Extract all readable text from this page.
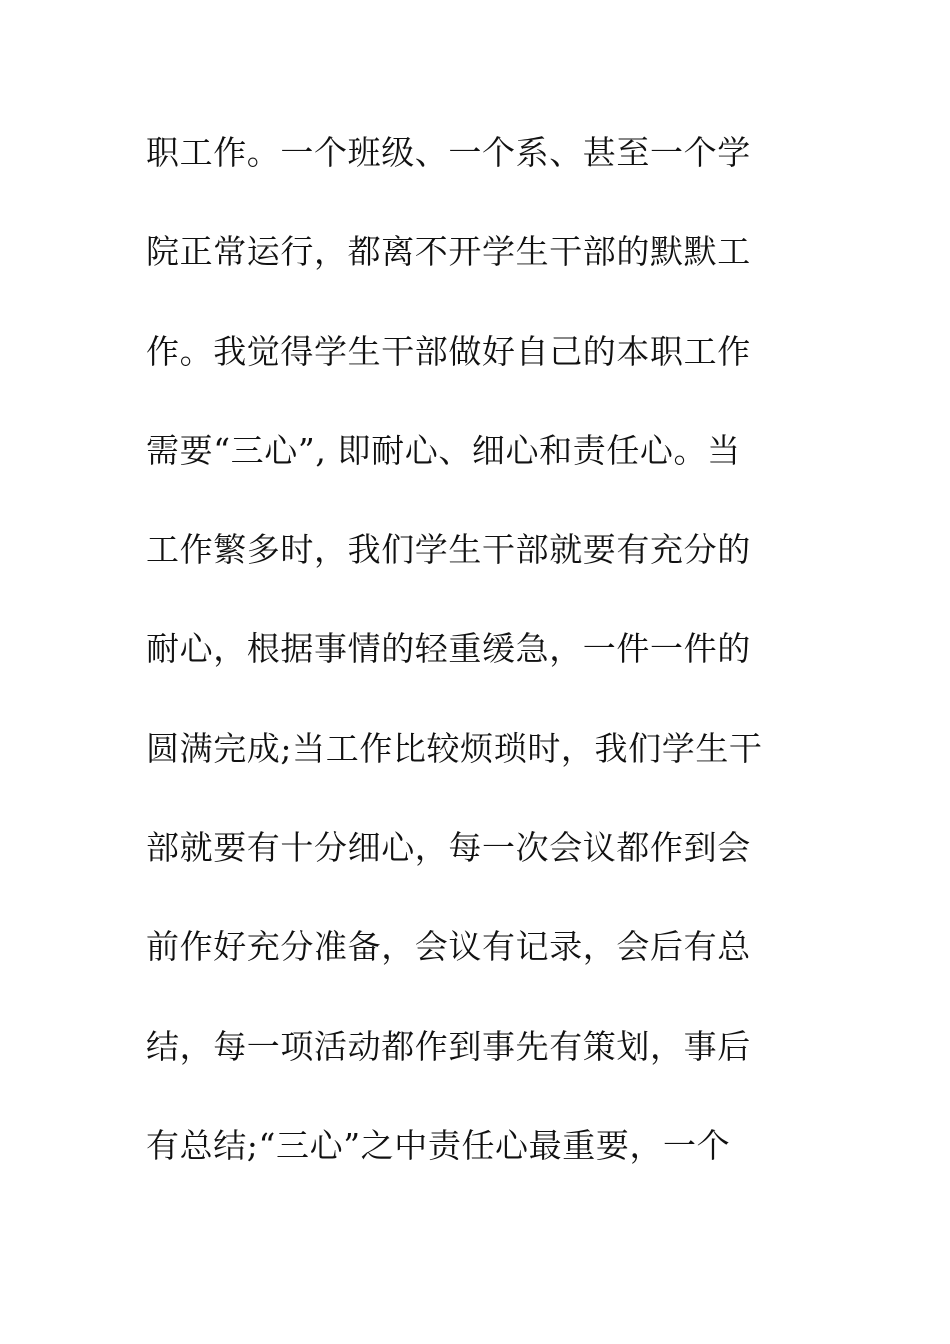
职工作。一个班级、一个系、甚至一个学
院正常运行，都离不开学生干部的默默工
作。我觉得学生干部做好自己的本职工作
需要“三心”, 即耐心、细心和责任心。当
工作繁多时，我们学生干部就要有充分的
耐心，根据事情的轻重缓急，一件一件的
圆满完成;当工作比较烦琐时，我们学生干
部就要有十分细心，每一次会议都作到会
前作好充分准备，会议有记录，会后有总
结，每一项活动都作到事先有策划，事后
有总结;“三心”之中责任心最重要，一个
